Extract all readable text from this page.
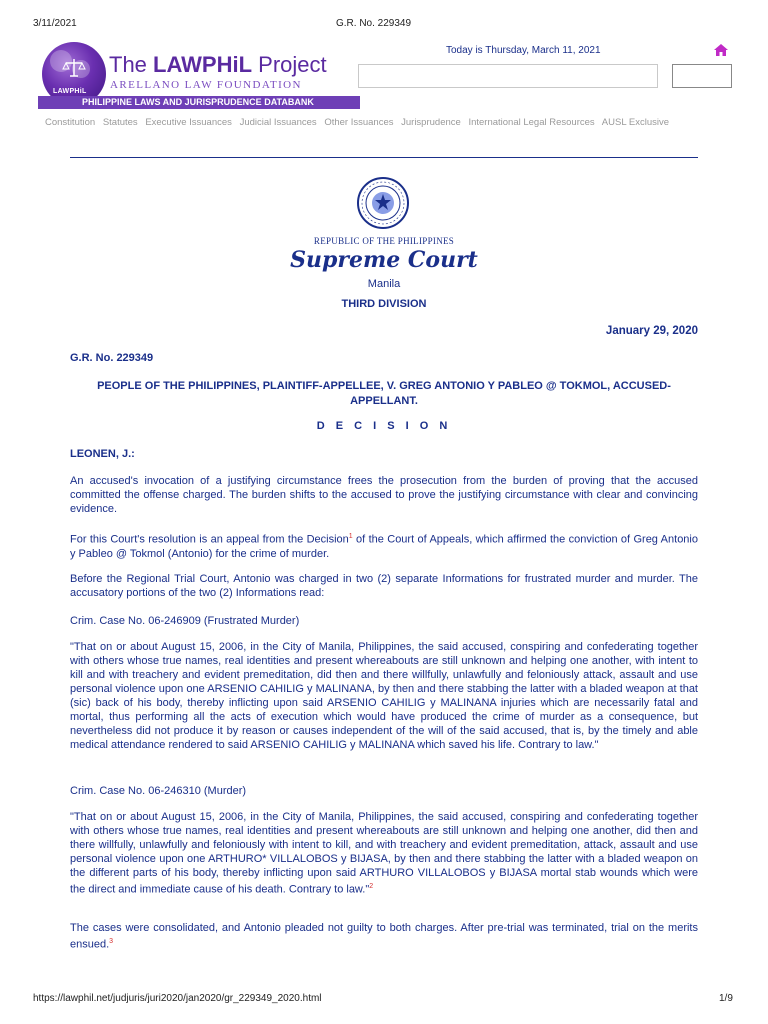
3/11/2021	G.R. No. 229349
LAWPHiL
The LAWPHiL Project
ARELLANO LAW FOUNDATION
PHILIPPINE LAWS AND JURISPRUDENCE DATABANK
Today is Thursday, March 11, 2021
Constitution Statutes Executive Issuances Judicial Issuances Other Issuances Jurisprudence International Legal Resources AUSL Exclusive
REPUBLIC OF THE PHILIPPINES
Supreme Court
Manila
THIRD DIVISION
January 29, 2020
G.R. No. 229349
PEOPLE OF THE PHILIPPINES, PLAINTIFF-APPELLEE, V. GREG ANTONIO Y PABLEO @ TOKMOL, ACCUSED-APPELLANT.
D E C I S I O N
LEONEN, J.:
An accused's invocation of a justifying circumstance frees the prosecution from the burden of proving that the accused committed the offense charged. The burden shifts to the accused to prove the justifying circumstance with clear and convincing evidence.
For this Court's resolution is an appeal from the Decision$^1$ of the Court of Appeals, which affirmed the conviction of Greg Antonio y Pableo @ Tokmol (Antonio) for the crime of murder.
Before the Regional Trial Court, Antonio was charged in two (2) separate Informations for frustrated murder and murder. The accusatory portions of the two (2) Informations read:
Crim. Case No. 06-246909 (Frustrated Murder)
"That on or about August 15, 2006, in the City of Manila, Philippines, the said accused, conspiring and confederating together with others whose true names, real identities and present whereabouts are still unknown and helping one another, with intent to kill and with treachery and evident premeditation, did then and there willfully, unlawfully and feloniously attack, assault and use personal violence upon one ARSENIO CAHILIG y MALINANA, by then and there stabbing the latter with a bladed weapon at that (sic) back of his body, thereby inflicting upon said ARSENIO CAHILIG y MALINANA injuries which are necessarily fatal and mortal, thus performing all the acts of execution which would have produced the crime of murder as a consequence, but nevertheless did not produce it by reason or causes independent of the will of the said accused, that is, by the timely and able medical attendance rendered to said ARSENIO CAHILIG y MALINANA which saved his life. Contrary to law."
Crim. Case No. 06-246310 (Murder)
"That on or about August 15, 2006, in the City of Manila, Philippines, the said accused, conspiring and confederating together with others whose true names, real identities and present whereabouts are still unknown and helping one another, did then and there willfully, unlawfully and feloniously with intent to kill, and with treachery and evident premeditation, attack, assault and use personal violence upon one ARTHURO* VILLALOBOS y BIJASA, by then and there stabbing the latter with a bladed weapon on the different parts of his body, thereby inflicting upon said ARTHURO VILLALOBOS y BIJASA mortal stab wounds which were the direct and immediate cause of his death. Contrary to law."$^2$
The cases were consolidated, and Antonio pleaded not guilty to both charges. After pre-trial was terminated, trial on the merits ensued.$^3$
https://lawphil.net/judjuris/juri2020/jan2020/gr_229349_2020.html	1/9
